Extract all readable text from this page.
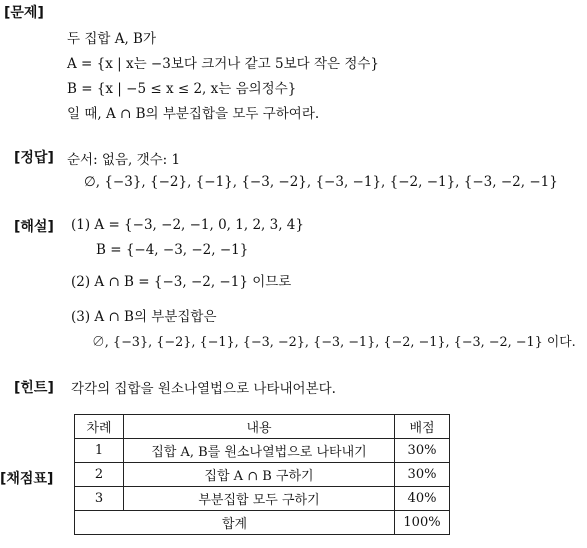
[문제]
두 집합 A, B가
A = {x | x는 −3보다 크거나 같고 5보다 작은 정수}
B = {x | −5 ≤ x ≤ 2, x는 음의정수}
일 때, A ∩ B의 부분집합을 모두 구하여라.
[정답] 순서: 없음, 갯수: 1
∅, {−3}, {−2}, {−1}, {−3, −2}, {−3, −1}, {−2, −1}, {−3, −2, −1}
[해설] (1) A = {−3, −2, −1, 0, 1, 2, 3, 4}
B = {−4, −3, −2, −1}
(2) A ∩ B = {−3, −2, −1} 이므로
(3) A ∩ B의 부분집합은
∅, {−3}, {−2}, {−1}, {−3, −2}, {−3, −1}, {−2, −1}, {−3, −2, −1} 이다.
[힌트] 각각의 집합을 원소나열법으로 나타내어본다.
[채점표]
차례	내용	배점
1	집합 A, B를 원소나열법으로 나타내기	30%
2	집합 A ∩ B 구하기	30%
3	부분집합 모두 구하기	40%
합계		100%
